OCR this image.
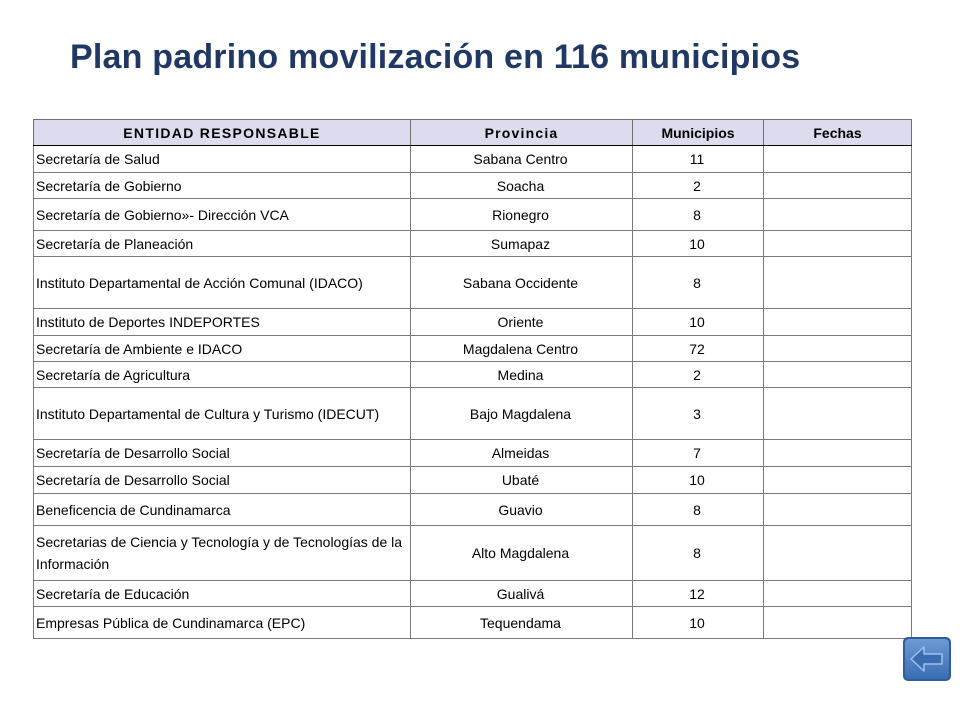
Plan padrino movilización en 116 municipios
ENTIDAD RESPONSABLE	Provincia	Municipios	Fechas
Secretaría de Salud	Sabana Centro	11	
Secretaría de Gobierno	Soacha	2	
Secretaría de Gobierno»- Dirección VCA	Rionegro	8	
Secretaría de Planeación	Sumapaz	10	
Instituto Departamental de Acción Comunal (IDACO)	Sabana Occidente	8	
Instituto de Deportes INDEPORTES	Oriente	10	
Secretaría de Ambiente e IDACO	Magdalena Centro	72	
Secretaría de Agricultura	Medina	2	
Instituto Departamental de Cultura y Turismo (IDECUT)	Bajo Magdalena	3	
Secretaría de Desarrollo Social	Almeidas	7	
Secretaría de Desarrollo Social	Ubaté	10	
Beneficencia de Cundinamarca	Guavio	8	
Secretarias de Ciencia y Tecnología y de Tecnologías de la Información	Alto Magdalena	8	
Secretaría de Educación	Gualivá	12	
Empresas Pública de Cundinamarca (EPC)	Tequendama	10	
